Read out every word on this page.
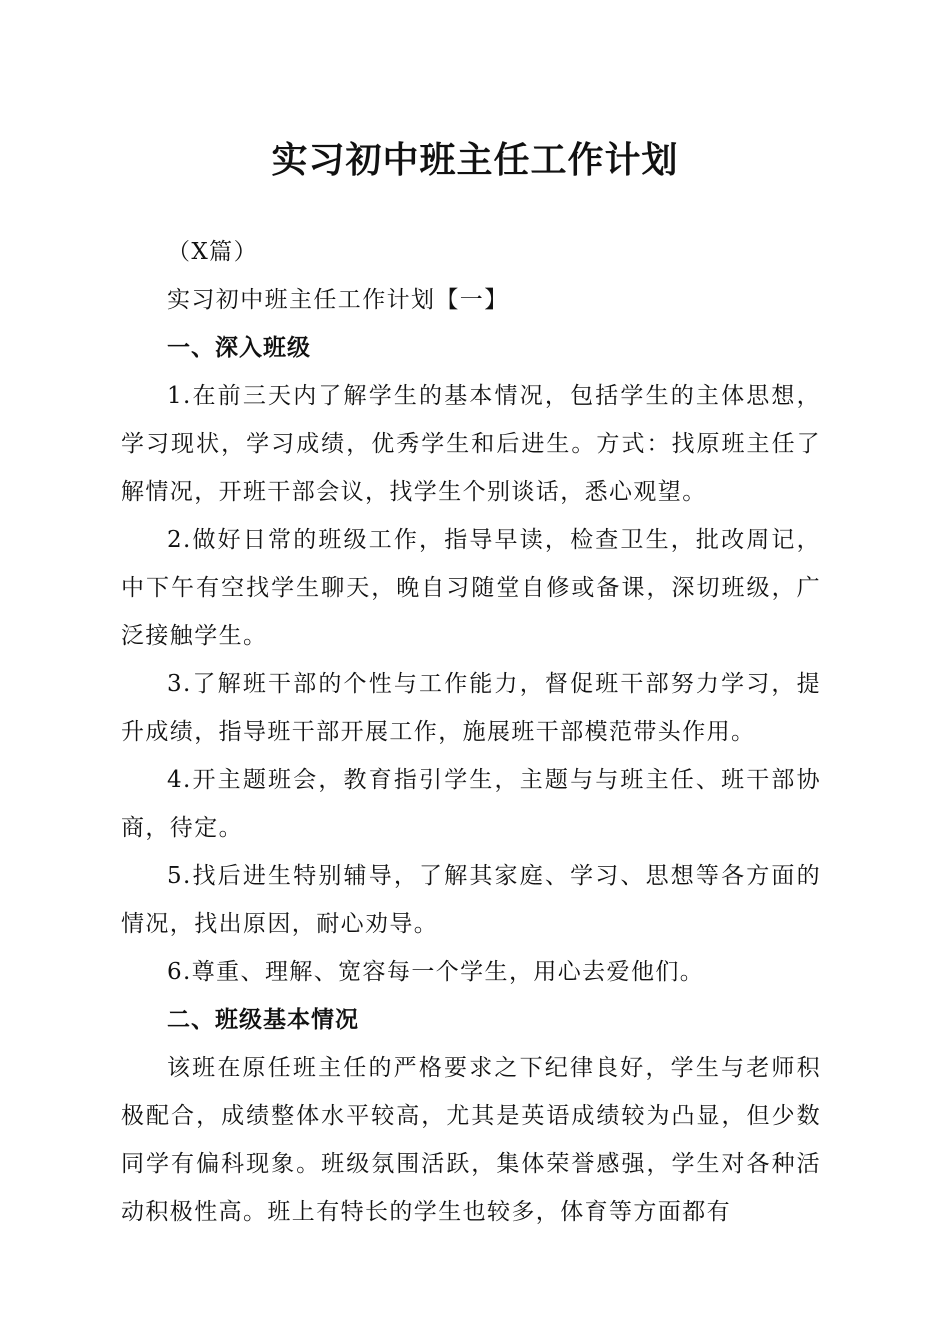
实习初中班主任工作计划

（X篇）

实习初中班主任工作计划【一】

一、深入班级

1.在前三天内了解学生的基本情况，包括学生的主体思想，学习现状，学习成绩，优秀学生和后进生。方式：找原班主任了解情况，开班干部会议，找学生个别谈话，悉心观望。

2.做好日常的班级工作，指导早读，检查卫生，批改周记，中下午有空找学生聊天，晚自习随堂自修或备课，深切班级，广泛接触学生。

3.了解班干部的个性与工作能力，督促班干部努力学习，提升成绩，指导班干部开展工作，施展班干部模范带头作用。

4.开主题班会，教育指引学生，主题与与班主任、班干部协商，待定。

5.找后进生特别辅导，了解其家庭、学习、思想等各方面的情况，找出原因，耐心劝导。

6.尊重、理解、宽容每一个学生，用心去爱他们。

二、班级基本情况

该班在原任班主任的严格要求之下纪律良好，学生与老师积极配合，成绩整体水平较高，尤其是英语成绩较为凸显，但少数同学有偏科现象。班级氛围活跃，集体荣誉感强，学生对各种活动积极性高。班上有特长的学生也较多，体育等方面都有
